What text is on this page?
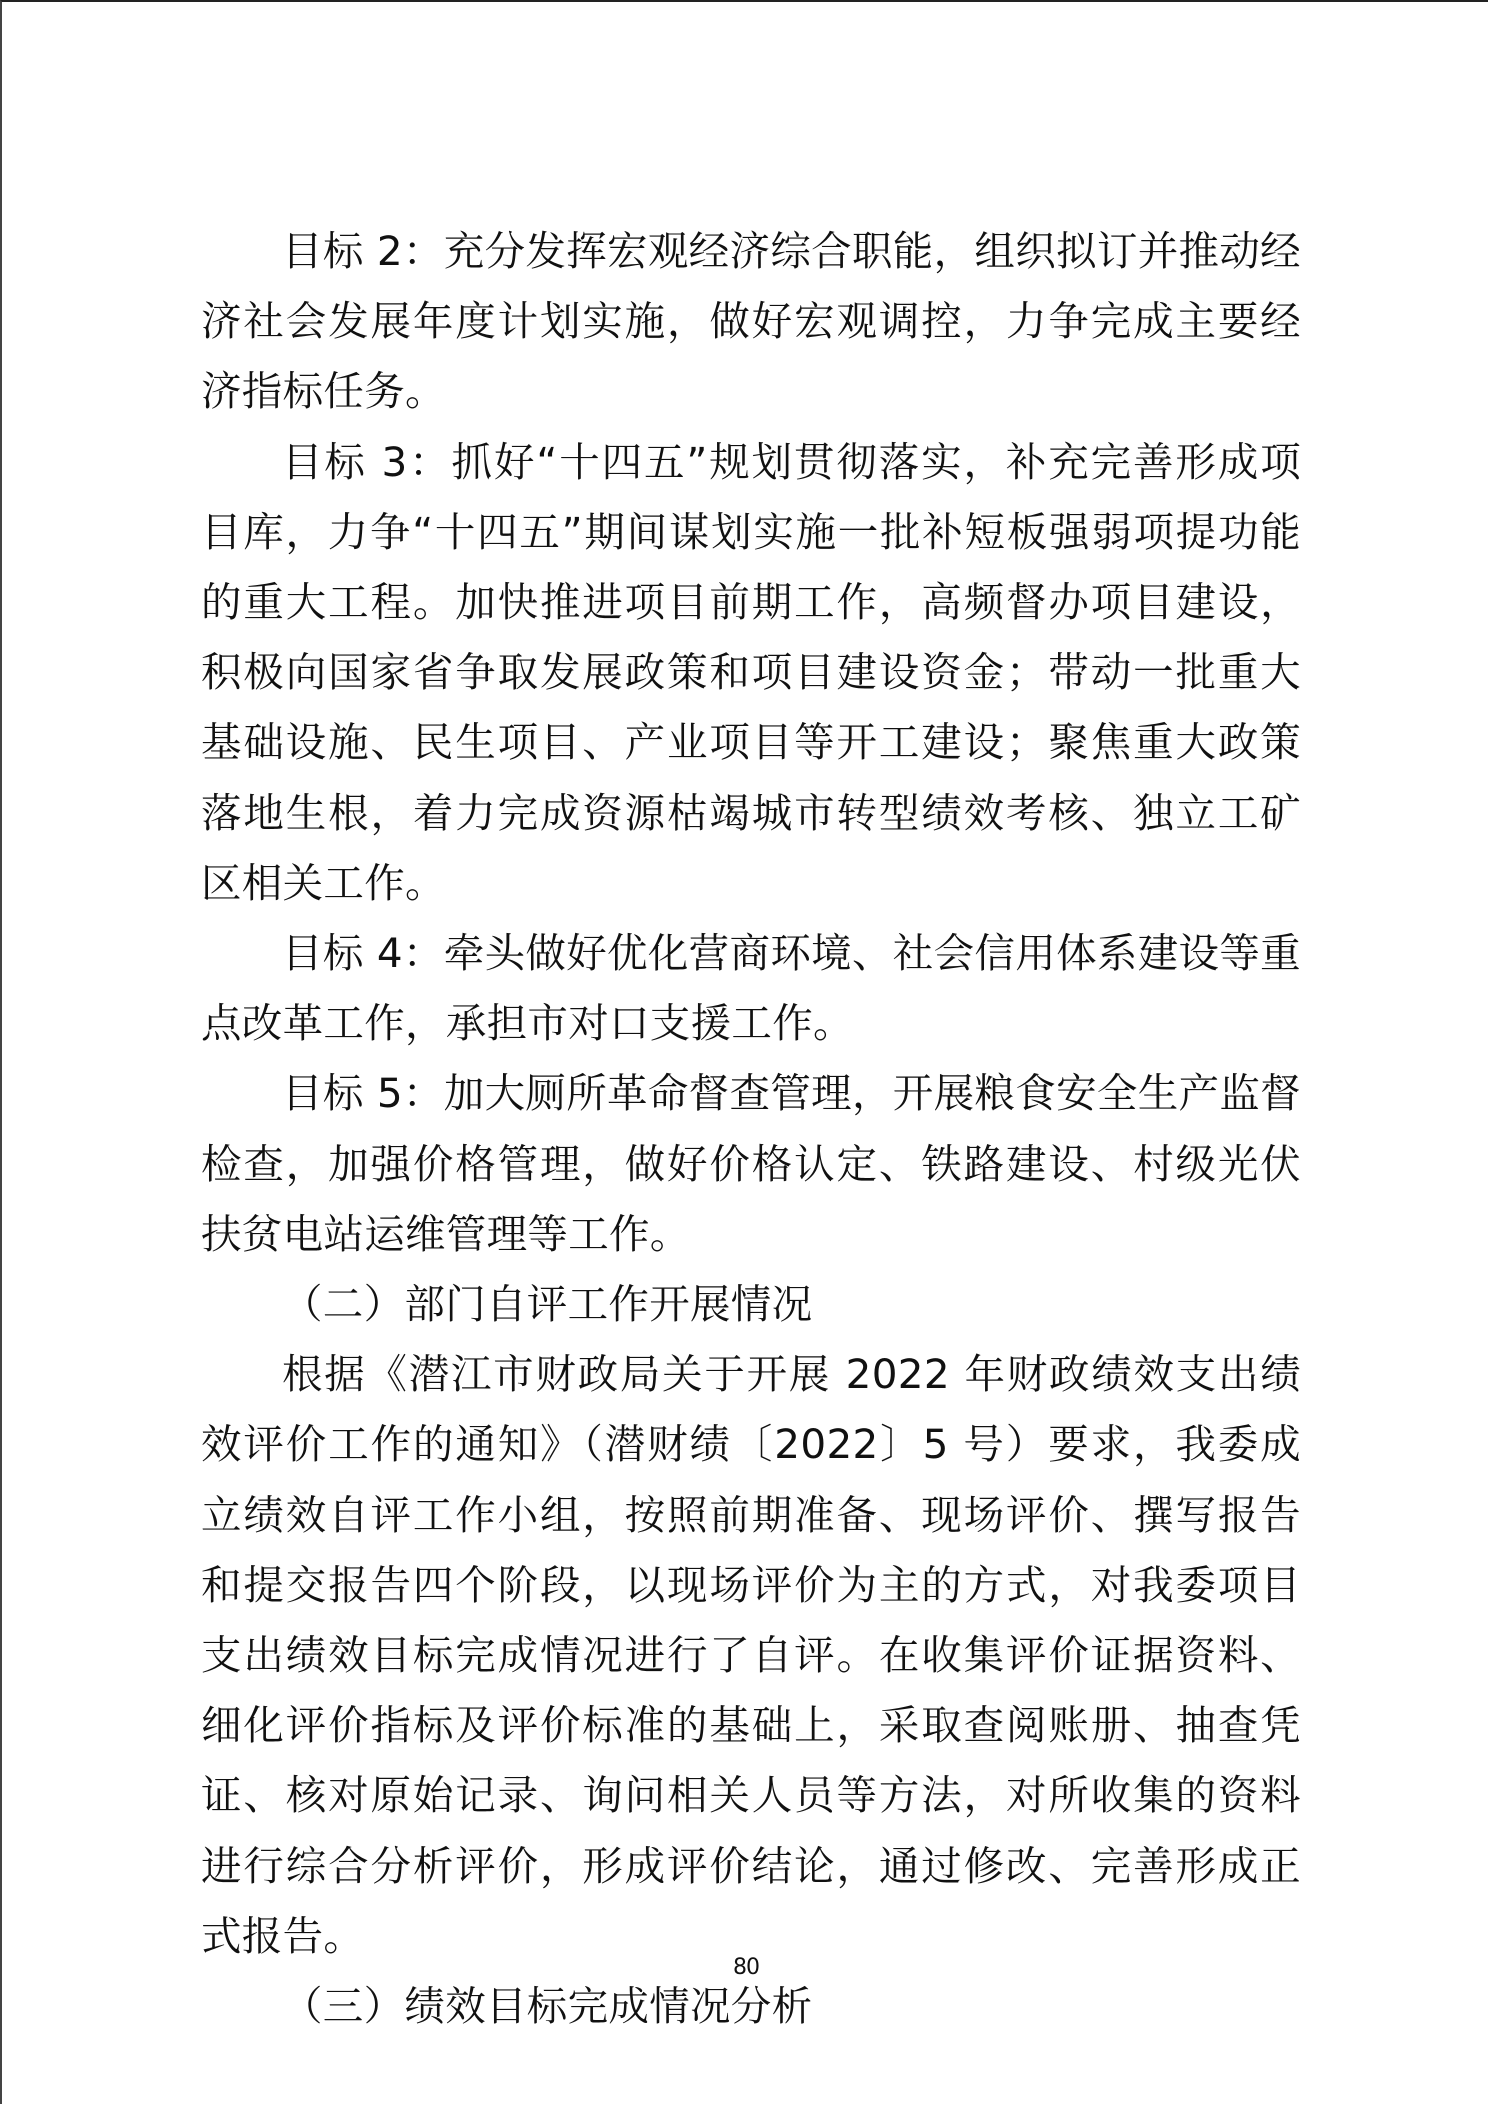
目标 2：充分发挥宏观经济综合职能，组织拟订并推动经济社会发展年度计划实施，做好宏观调控，力争完成主要经济指标任务。

目标 3：抓好“十四五”规划贯彻落实，补充完善形成项目库，力争“十四五”期间谋划实施一批补短板强弱项提功能的重大工程。加快推进项目前期工作，高频督办项目建设，积极向国家省争取发展政策和项目建设资金；带动一批重大基础设施、民生项目、产业项目等开工建设；聚焦重大政策落地生根，着力完成资源枯竭城市转型绩效考核、独立工矿区相关工作。

目标 4：牵头做好优化营商环境、社会信用体系建设等重点改革工作，承担市对口支援工作。

目标 5：加大厕所革命督查管理，开展粮食安全生产监督检查，加强价格管理，做好价格认定、铁路建设、村级光伏扶贫电站运维管理等工作。

（二）部门自评工作开展情况

根据《潜江市财政局关于开展 2022 年财政绩效支出绩效评价工作的通知》（潜财绩〔2022〕5 号）要求，我委成立绩效自评工作小组，按照前期准备、现场评价、撰写报告和提交报告四个阶段，以现场评价为主的方式，对我委项目支出绩效目标完成情况进行了自评。在收集评价证据资料、细化评价指标及评价标准的基础上，采取查阅账册、抽查凭证、核对原始记录、询问相关人员等方法，对所收集的资料进行综合分析评价，形成评价结论，通过修改、完善形成正式报告。

（三）绩效目标完成情况分析

80
